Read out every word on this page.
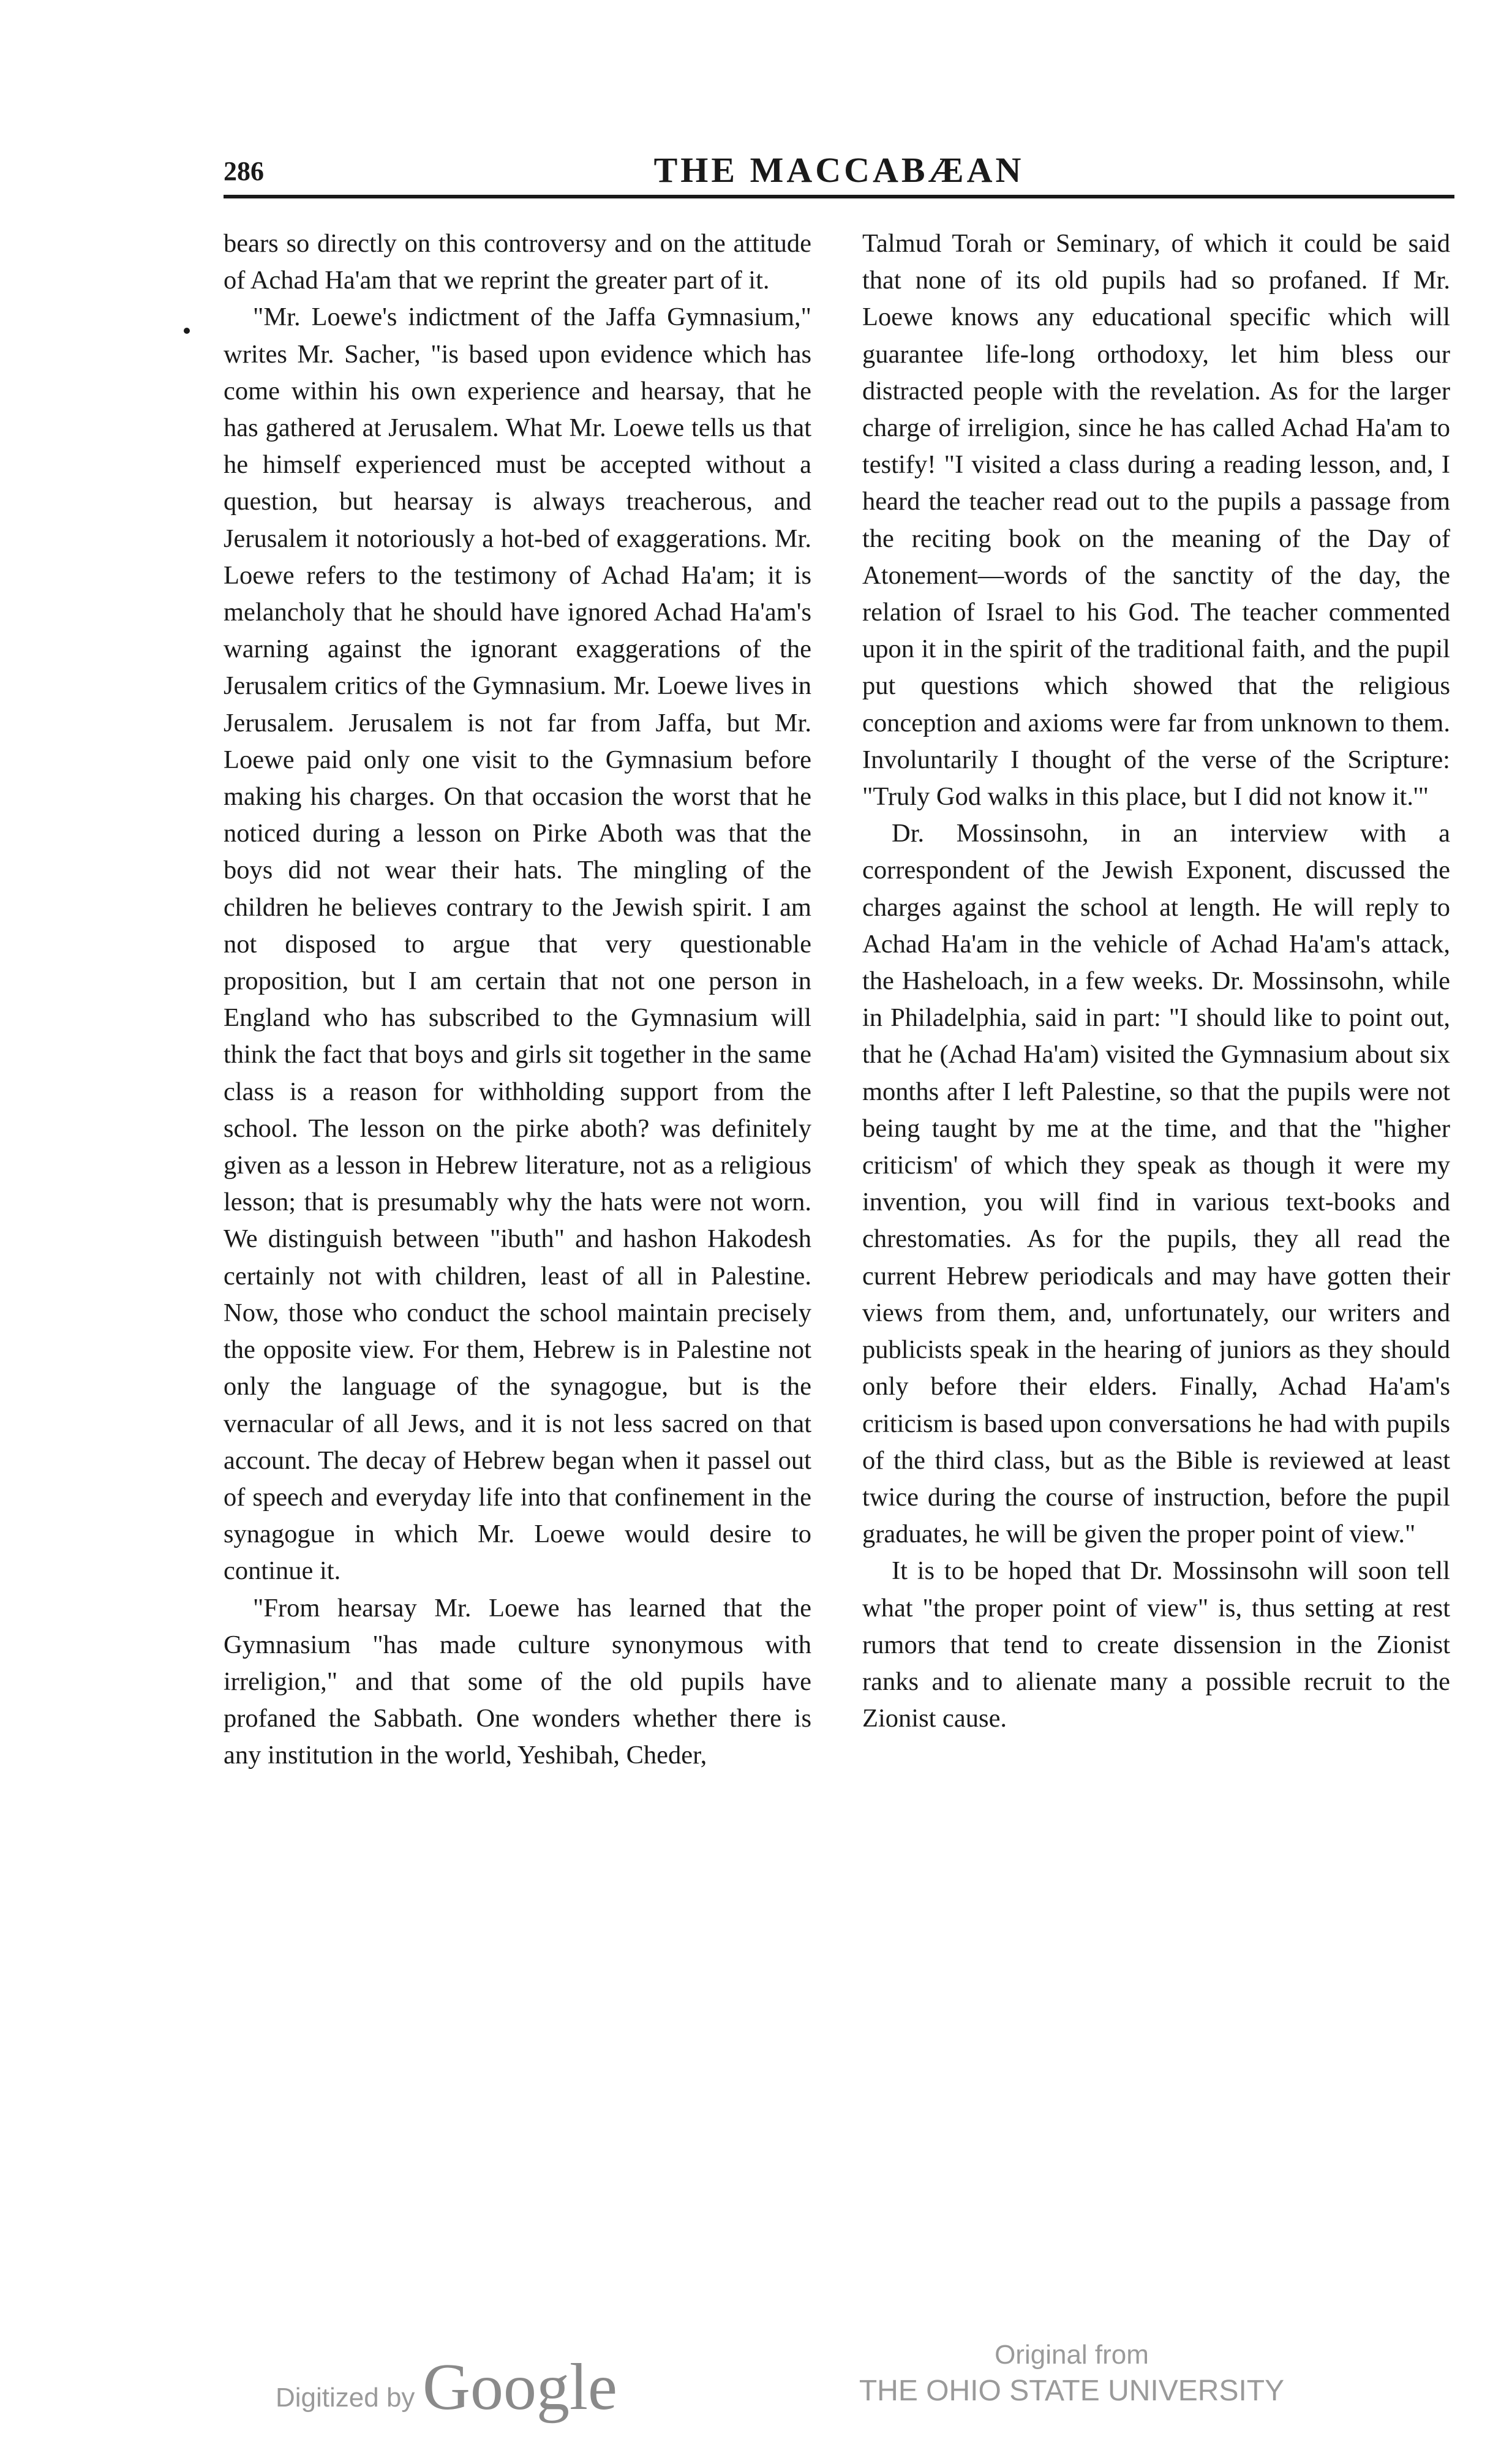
286	THE MACCABÆAN

bears so directly on this controversy and on the attitude of Achad Ha'am that we reprint the greater part of it.

"Mr. Loewe's indictment of the Jaffa Gymnasium," writes Mr. Sacher, "is based upon evidence which has come within his own experience and hearsay, that he has gathered at Jerusalem. What Mr. Loewe tells us that he himself experienced must be accepted without a question, but hearsay is always treacherous, and Jerusalem it notoriously a hot-bed of exaggerations. Mr. Loewe refers to the testimony of Achad Ha'am; it is melancholy that he should have ignored Achad Ha'am's warning against the ignorant exaggerations of the Jerusalem critics of the Gymnasium. Mr. Loewe lives in Jerusalem. Jerusalem is not far from Jaffa, but Mr. Loewe paid only one visit to the Gymnasium before making his charges. On that occasion the worst that he noticed during a lesson on Pirke Aboth was that the boys did not wear their hats. The mingling of the children he believes contrary to the Jewish spirit. I am not disposed to argue that very questionable proposition, but I am certain that not one person in England who has subscribed to the Gymnasium will think the fact that boys and girls sit together in the same class is a reason for withholding support from the school. The lesson on the pirke aboth? was definitely given as a lesson in Hebrew literature, not as a religious lesson; that is presumably why the hats were not worn. We distinguish between "ibuth" and hashon Hakodesh certainly not with children, least of all in Palestine. Now, those who conduct the school maintain precisely the opposite view. For them, Hebrew is in Palestine not only the language of the synagogue, but is the vernacular of all Jews, and it is not less sacred on that account. The decay of Hebrew began when it passel out of speech and everyday life into that confinement in the synagogue in which Mr. Loewe would desire to continue it.

"From hearsay Mr. Loewe has learned that the Gymnasium "has made culture synonymous with irreligion," and that some of the old pupils have profaned the Sabbath. One wonders whether there is any institution in the world, Yeshibah, Cheder,

Talmud Torah or Seminary, of which it could be said that none of its old pupils had so profaned. If Mr. Loewe knows any educational specific which will guarantee life-long orthodoxy, let him bless our distracted people with the revelation. As for the larger charge of irreligion, since he has called Achad Ha'am to testify! "I visited a class during a reading lesson, and, I heard the teacher read out to the pupils a passage from the reciting book on the meaning of the Day of Atonement—words of the sanctity of the day, the relation of Israel to his God. The teacher commented upon it in the spirit of the traditional faith, and the pupil put questions which showed that the religious conception and axioms were far from unknown to them. Involuntarily I thought of the verse of the Scripture: "Truly God walks in this place, but I did not know it.'"

Dr. Mossinsohn, in an interview with a correspondent of the Jewish Exponent, discussed the charges against the school at length. He will reply to Achad Ha'am in the vehicle of Achad Ha'am's attack, the Hasheloach, in a few weeks. Dr. Mossinsohn, while in Philadelphia, said in part: "I should like to point out, that he (Achad Ha'am) visited the Gymnasium about six months after I left Palestine, so that the pupils were not being taught by me at the time, and that the "higher criticism' of which they speak as though it were my invention, you will find in various text-books and chrestomaties. As for the pupils, they all read the current Hebrew periodicals and may have gotten their views from them, and, unfortunately, our writers and publicists speak in the hearing of juniors as they should only before their elders. Finally, Achad Ha'am's criticism is based upon conversations he had with pupils of the third class, but as the Bible is reviewed at least twice during the course of instruction, before the pupil graduates, he will be given the proper point of view."

It is to be hoped that Dr. Mossinsohn will soon tell what "the proper point of view" is, thus setting at rest rumors that tend to create dissension in the Zionist ranks and to alienate many a possible recruit to the Zionist cause.

Digitized by Google	Original from
THE OHIO STATE UNIVERSITY
